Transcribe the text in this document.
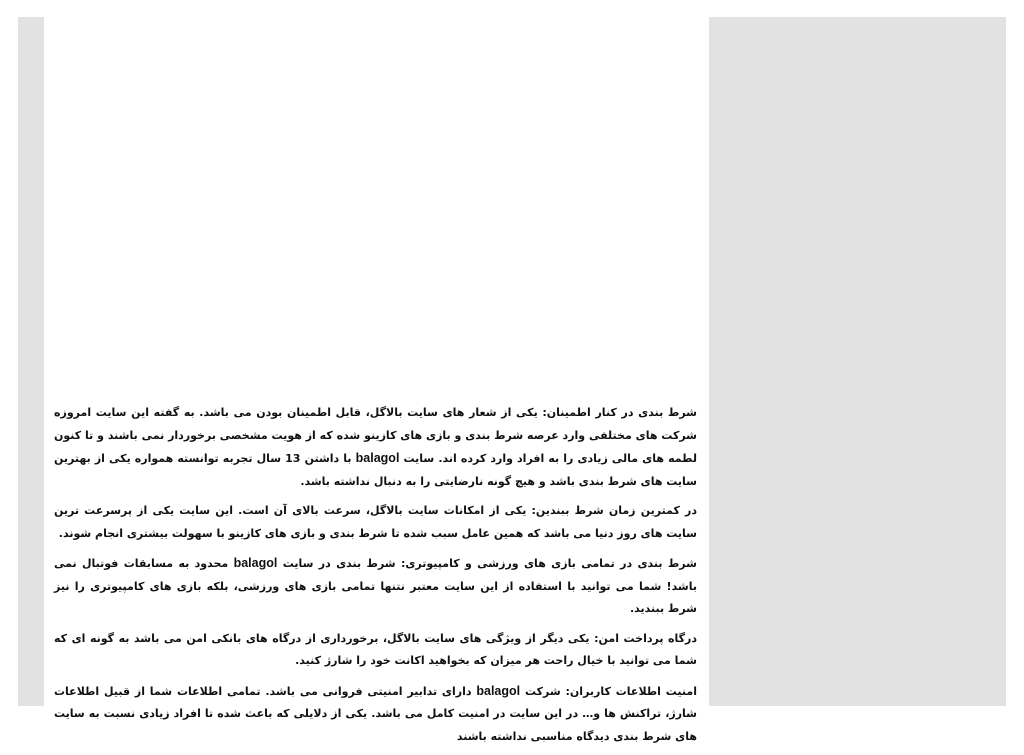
شرط بندی در کنار اطمینان: یکی از شعار های سایت بالاگل، قابل اطمینان بودن می باشد. به گفته این سایت امروزه شرکت های مختلفی وارد عرصه شرط بندی و بازی های کازینو شده که از هویت مشخصی برخوردار نمی باشند و تا کنون لطمه های مالی زیادی را به افراد وارد کرده اند. سایت balagol با داشتن 13 سال تجربه توانسته همواره یکی از بهترین سایت های شرط بندی باشد و هیچ گونه نارضایتی را به دنبال نداشته باشد.

در کمترین زمان شرط ببندین: یکی از امکانات سایت بالاگل، سرعت بالای آن است. این سایت یکی از پرسرعت ترین سایت های روز دنیا می باشد که همین عامل سبب شده تا شرط بندی و بازی های کازینو با سهولت بیشتری انجام شوند.

شرط بندی در تمامی بازی های ورزشی و کامپیوتری: شرط بندی در سایت balagol محدود به مسابقات فوتبال نمی باشد! شما می توانید با استفاده از این سایت معتبر نتنها تمامی بازی های ورزشی، بلکه بازی های کامپیوتری را نیز شرط ببندید.

درگاه پرداخت امن: یکی دیگر از ویژگی های سایت بالاگل، برخورداری از درگاه های بانکی امن می باشد به گونه ای که شما می توانید با خیال راحت هر میزان که بخواهید اکانت خود را شارژ کنید.

امنیت اطلاعات کاربران: شرکت balagol دارای تدابیر امنیتی فروانی می باشد. تمامی اطلاعات شما از قبیل اطلاعات شارژ، تراکنش ها و… در این سایت در امنیت کامل می باشد. یکی از دلایلی که باعث شده تا افراد زیادی نسبت به سایت های شرط بندی دیدگاه مناسبی نداشته باشند
